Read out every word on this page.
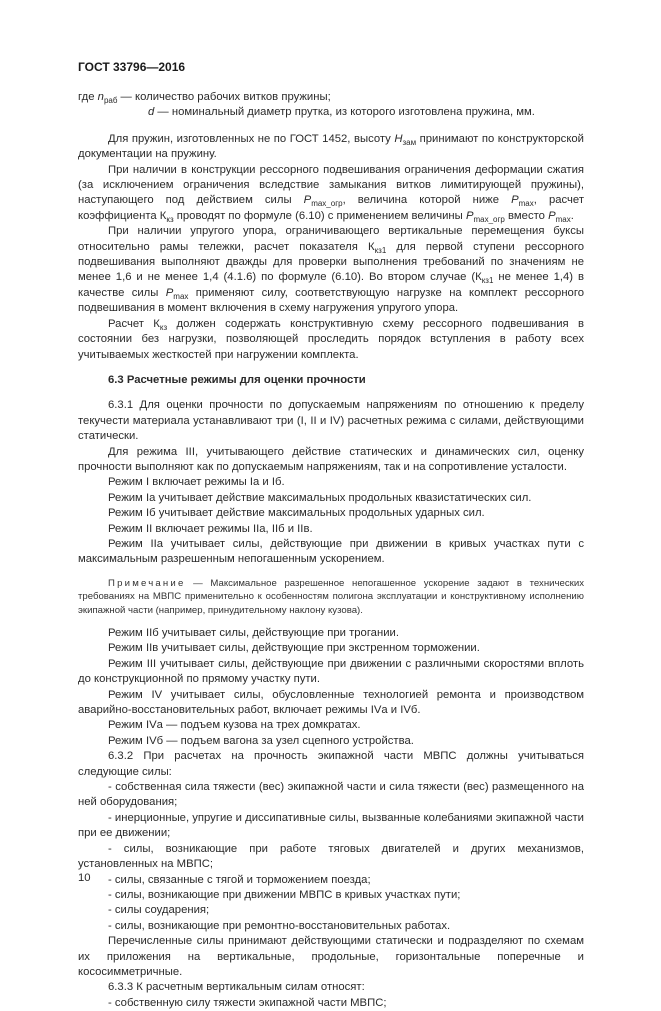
ГОСТ 33796—2016

где $n_{раб}$ — количество рабочих витков пружины;

d — номинальный диаметр прутка, из которого изготовлена пружина, мм.

Для пружин, изготовленных не по ГОСТ 1452, высоту $H_{зам}$ принимают по конструкторской документации на пружину.

При наличии в конструкции рессорного подвешивания ограничения деформации сжатия (за исключением ограничения вследствие замыкания витков лимитирующей пружины), наступающего под действием силы $P_{max\_огр}$, величина которой ниже $P_{max}$, расчет коэффициента $К_{кз}$ проводят по формуле (6.10) с применением величины $P_{max\_огр}$ вместо $P_{max}$.

При наличии упругого упора, ограничивающего вертикальные перемещения буксы относительно рамы тележки, расчет показателя $К_{кз1}$ для первой ступени рессорного подвешивания выполняют дважды для проверки выполнения требований по значениям не менее 1,6 и не менее 1,4 (4.1.6) по формуле (6.10). Во втором случае ($К_{кз1}$ не менее 1,4) в качестве силы $P_{max}$ применяют силу, соответствующую нагрузке на комплект рессорного подвешивания в момент включения в схему нагружения упругого упора.

Расчет $К_{кз}$ должен содержать конструктивную схему рессорного подвешивания в состоянии без нагрузки, позволяющей проследить порядок вступления в работу всех учитываемых жесткостей при нагружении комплекта.

6.3 Расчетные режимы для оценки прочности

6.3.1 Для оценки прочности по допускаемым напряжениям по отношению к пределу текучести материала устанавливают три (I, II и IV) расчетных режима с силами, действующими статически.

Для режима III, учитывающего действие статических и динамических сил, оценку прочности выполняют как по допускаемым напряжениям, так и на сопротивление усталости.

Режим I включает режимы Iа и Iб.

Режим Iа учитывает действие максимальных продольных квазистатических сил.

Режим Iб учитывает действие максимальных продольных ударных сил.

Режим II включает режимы IIа, IIб и IIв.

Режим IIа учитывает силы, действующие при движении в кривых участках пути с максимальным разрешенным непогашенным ускорением.

Примечание — Максимальное разрешенное непогашенное ускорение задают в технических требованиях на МВПС применительно к особенностям полигона эксплуатации и конструктивному исполнению экипажной части (например, принудительному наклону кузова).

Режим IIб учитывает силы, действующие при трогании.

Режим IIв учитывает силы, действующие при экстренном торможении.

Режим III учитывает силы, действующие при движении с различными скоростями вплоть до конструкционной по прямому участку пути.

Режим IV учитывает силы, обусловленные технологией ремонта и производством аварийно-восстановительных работ, включает режимы IVа и IVб.

Режим IVа — подъем кузова на трех домкратах.

Режим IVб — подъем вагона за узел сцепного устройства.

6.3.2 При расчетах на прочность экипажной части МВПС должны учитываться следующие силы:

- собственная сила тяжести (вес) экипажной части и сила тяжести (вес) размещенного на ней оборудования;

- инерционные, упругие и диссипативные силы, вызванные колебаниями экипажной части при ее движении;

- силы, возникающие при работе тяговых двигателей и других механизмов, установленных на МВПС;

- силы, связанные с тягой и торможением поезда;

- силы, возникающие при движении МВПС в кривых участках пути;

- силы соударения;

- силы, возникающие при ремонтно-восстановительных работах.

Перечисленные силы принимают действующими статически и подразделяют по схемам их приложения на вертикальные, продольные, горизонтальные поперечные и кососимметричные.

6.3.3 К расчетным вертикальным силам относят:

- собственную силу тяжести экипажной части МВПС;

10
